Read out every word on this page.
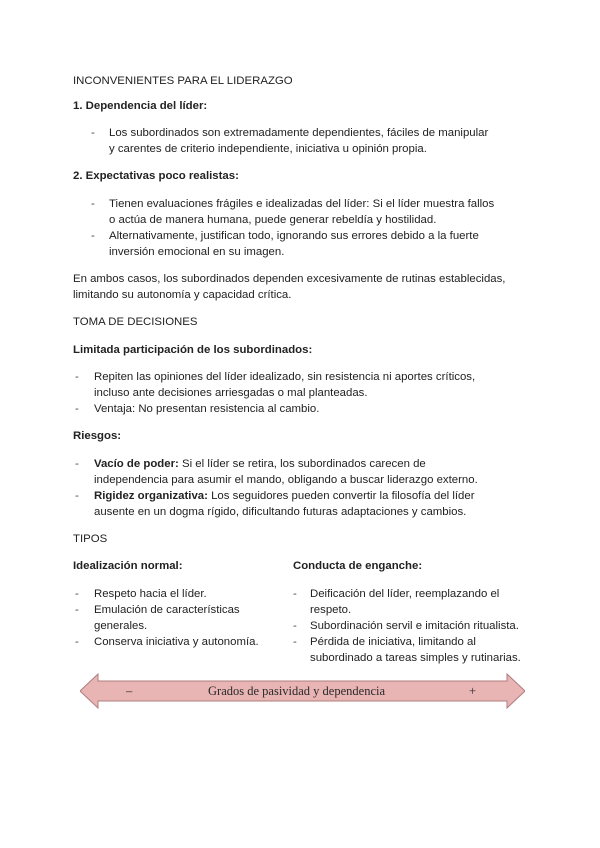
INCONVENIENTES PARA EL LIDERAZGO

1. Dependencia del líder:

- Los subordinados son extremadamente dependientes, fáciles de manipular

y carentes de criterio independiente, iniciativa u opinión propia.

2. Expectativas poco realistas:

- Tienen evaluaciones frágiles e idealizadas del líder: Si el líder muestra fallos

o actúa de manera humana, puede generar rebeldía y hostilidad.

- Alternativamente, justifican todo, ignorando sus errores debido a la fuerte

inversión emocional en su imagen.

En ambos casos, los subordinados dependen excesivamente de rutinas establecidas,

limitando su autonomía y capacidad crítica.

TOMA DE DECISIONES

Limitada participación de los subordinados:

- Repiten las opiniones del líder idealizado, sin resistencia ni aportes críticos,

incluso ante decisiones arriesgadas o mal planteadas.

- Ventaja: No presentan resistencia al cambio.

Riesgos:

- Vacío de poder: Si el líder se retira, los subordinados carecen de

independencia para asumir el mando, obligando a buscar liderazgo externo.

- Rigidez organizativa: Los seguidores pueden convertir la filosofía del líder

ausente en un dogma rígido, dificultando futuras adaptaciones y cambios.

TIPOS

Idealización normal:

- Respeto hacia el líder.

- Emulación de características

generales.

- Conserva iniciativa y autonomía.

Conducta de enganche:

- Deificación del líder, reemplazando el

respeto.

- Subordinación servil e imitación ritualista.

- Pérdida de iniciativa, limitando al

subordinado a tareas simples y rutinarias.

–	Grados de pasividad y dependencia	+
